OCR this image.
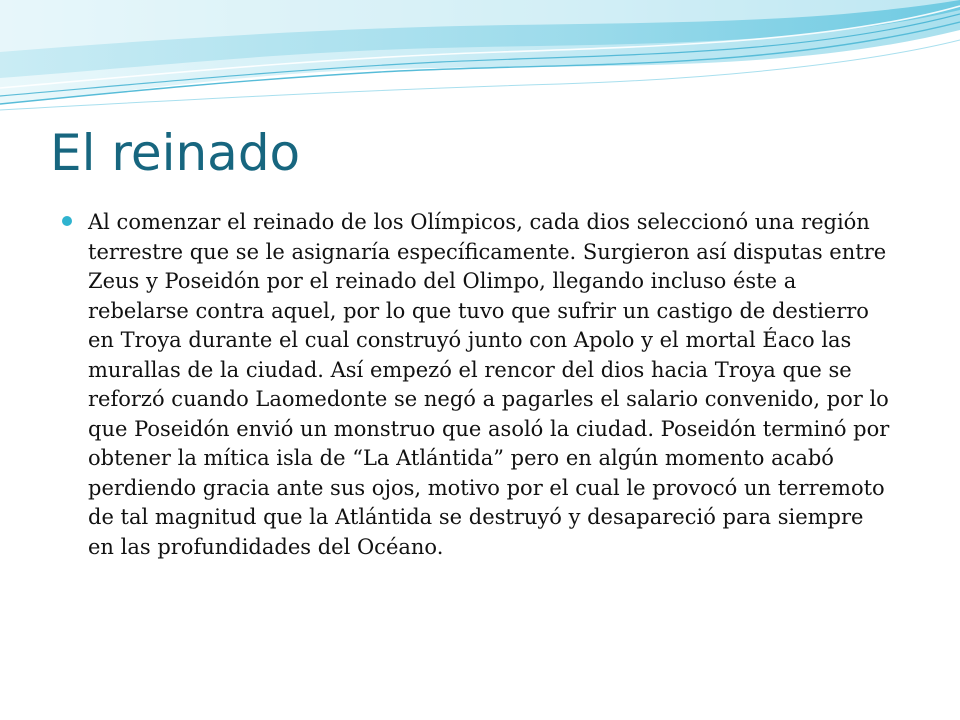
El reinado

Al comenzar el reinado de los Olímpicos, cada dios seleccionó una región terrestre que se le asignaría específicamente. Surgieron así disputas entre Zeus y Poseidón por el reinado del Olimpo, llegando incluso éste a rebelarse contra aquel, por lo que tuvo que sufrir un castigo de destierro en Troya durante el cual construyó junto con Apolo y el mortal Éaco las murallas de la ciudad. Así empezó el rencor del dios hacia Troya que se reforzó cuando Laomedonte se negó a pagarles el salario convenido, por lo que Poseidón envió un monstruo que asoló la ciudad. Poseidón terminó por obtener la mítica isla de “La Atlántida” pero en algún momento acabó perdiendo gracia ante sus ojos, motivo por el cual le provocó un terremoto de tal magnitud que la Atlántida se destruyó y desapareció para siempre en las profundidades del Océano.
